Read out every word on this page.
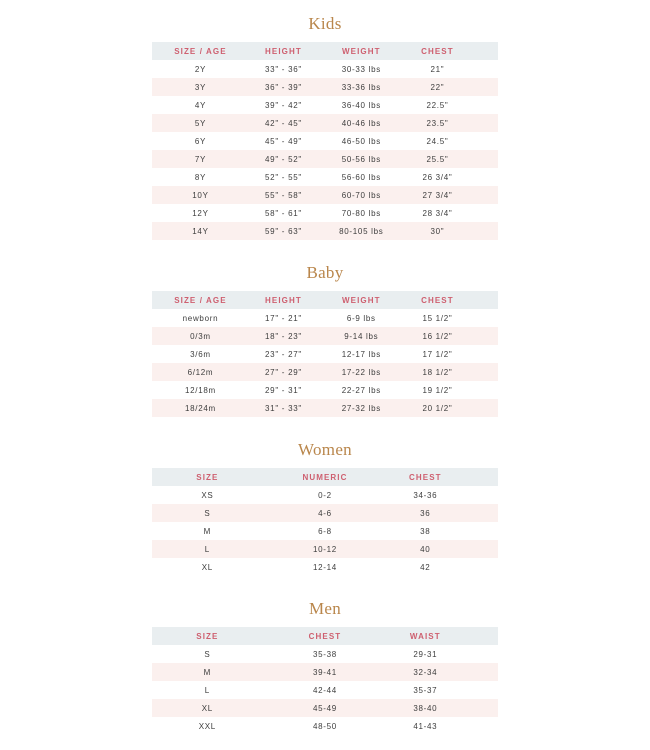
Kids
SIZE / AGE	HEIGHT	WEIGHT	CHEST	
2Y	33" - 36"	30-33 lbs	21"	
3Y	36" - 39"	33-36 lbs	22"	
4Y	39" - 42"	36-40 lbs	22.5"	
5Y	42" - 45"	40-46 lbs	23.5"	
6Y	45" - 49"	46-50 lbs	24.5"	
7Y	49" - 52"	50-56 lbs	25.5"	
8Y	52" - 55"	56-60 lbs	26 3/4"	
10Y	55" - 58"	60-70 lbs	27 3/4"	
12Y	58" - 61"	70-80 lbs	28 3/4"	
14Y	59" - 63"	80-105 lbs	30"	
Baby
SIZE / AGE	HEIGHT	WEIGHT	CHEST	
newborn	17" - 21"	6-9 lbs	15 1/2"	
0/3m	18" - 23"	9-14 lbs	16 1/2"	
3/6m	23" - 27"	12-17 lbs	17 1/2"	
6/12m	27" - 29"	17-22 lbs	18 1/2"	
12/18m	29" - 31"	22-27 lbs	19 1/2"	
18/24m	31" - 33"	27-32 lbs	20 1/2"	
Women
SIZE	NUMERIC	CHEST	
XS	0-2	34-36	
S	4-6	36	
M	6-8	38	
L	10-12	40	
XL	12-14	42	
Men
SIZE	CHEST	WAIST	
S	35-38	29-31	
M	39-41	32-34	
L	42-44	35-37	
XL	45-49	38-40	
XXL	48-50	41-43	
